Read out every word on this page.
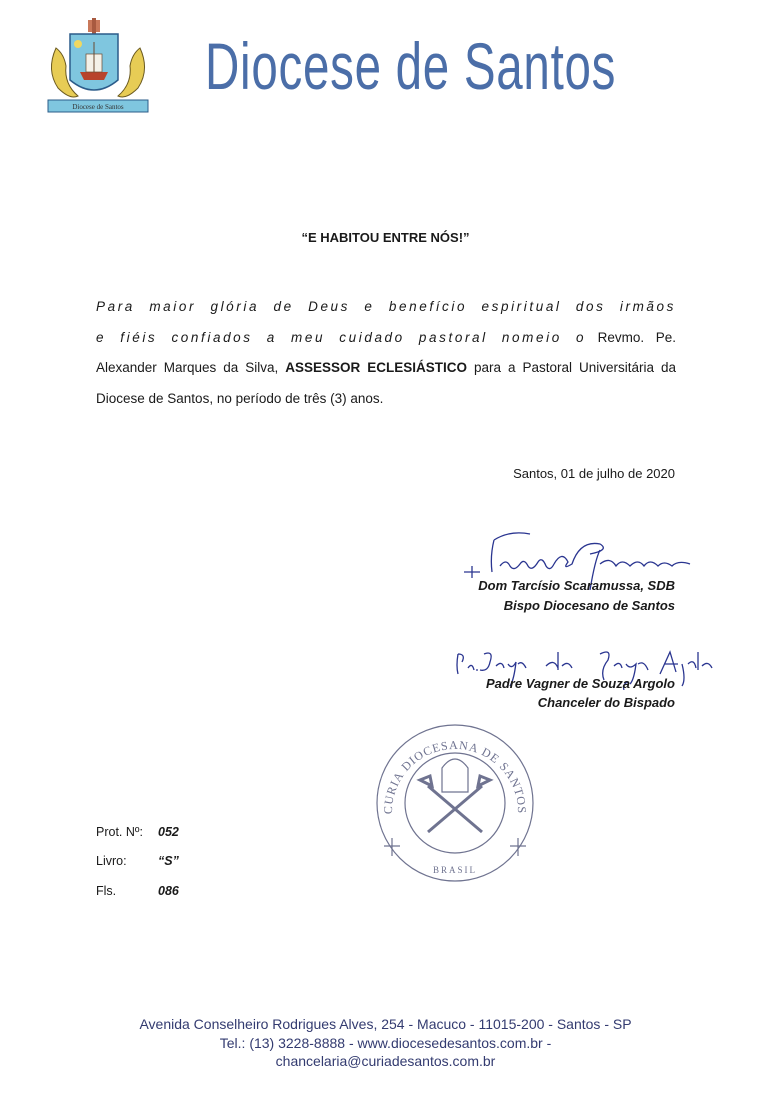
Diocese de Santos
Diocese de Santos
“E HABITOU ENTRE NÓS!”
Para maior glória de Deus e benefício espiritual dos irmãos
e fiéis confiados a meu cuidado pastoral nomeio o Revmo. Pe.
Alexander Marques da Silva, ASSESSOR ECLESIÁSTICO para a Pastoral Universitária da
Diocese de Santos, no período de três (3) anos.
Santos, 01 de julho de 2020
Dom Tarcísio Scaramussa, SDB
Bispo Diocesano de Santos
Padre Vagner de Souza Argolo
Chanceler do Bispado
CURIA DIOCESANA DE SANTOS
BRASIL
Prot. Nº: 052
Livro:	“S”
Fls.	086
Avenida Conselheiro Rodrigues Alves, 254 - Macuco - 11015-200 - Santos - SP
Tel.: (13) 3228-8888 - www.diocesedesantos.com.br -
chancelaria@curiadesantos.com.br
